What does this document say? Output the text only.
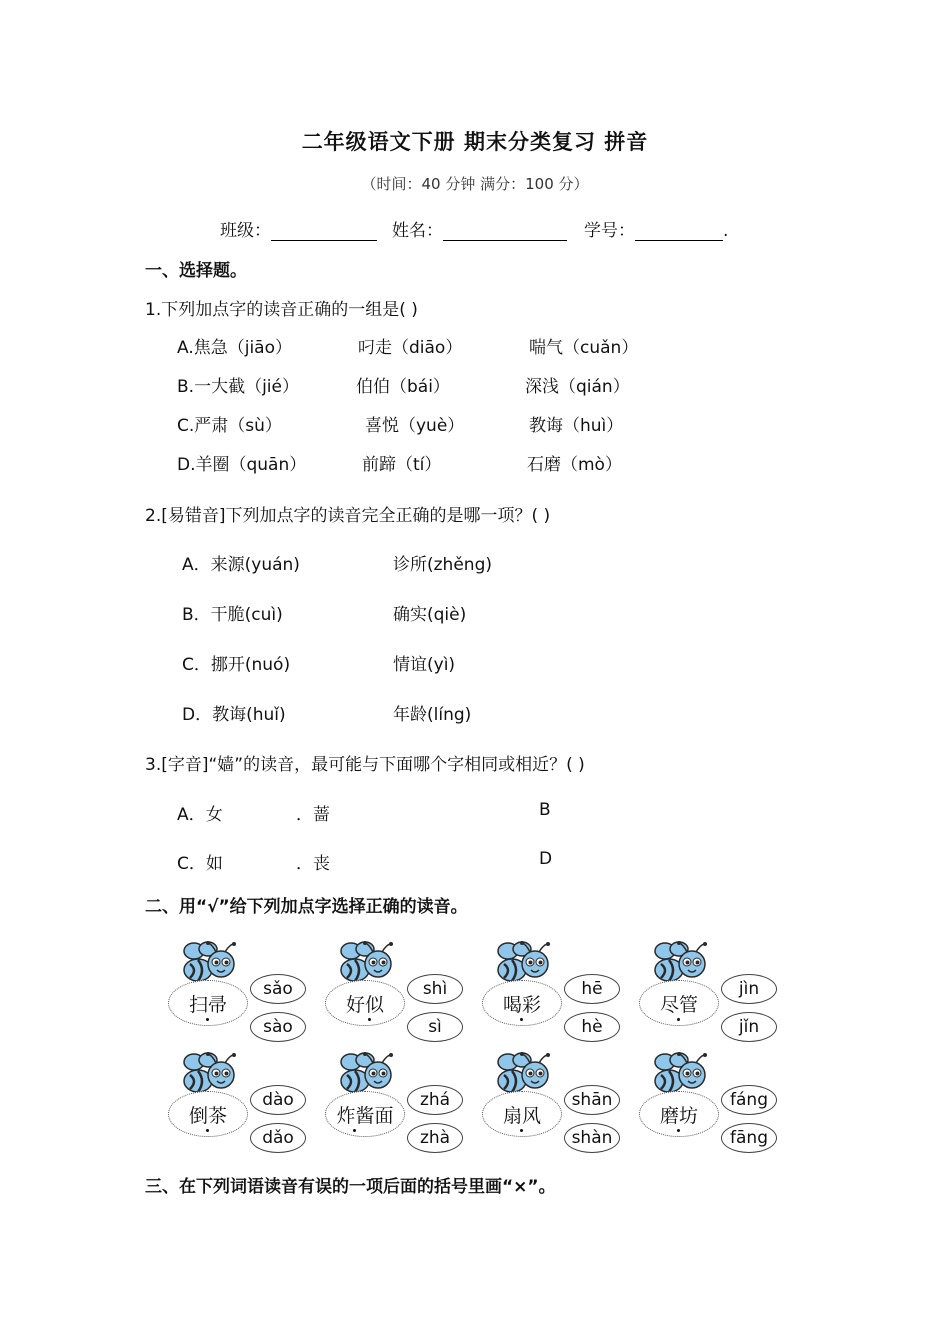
二年级语文下册 期末分类复习 拼音
（时间：40 分钟 满分：100 分）
班级：	姓名：	学号：	.
一、选择题。
1.下列加点字的读音正确的一组是( )
A.焦急（jiāo）	叼走（diāo）	喘气（cuǎn）
B.一大截（jié）	伯伯（bái）	深浅（qián）
C.严肃（sù）	喜悦（yuè）	教诲（huì）
D.羊圈（quān）	前蹄（tí）	石磨（mò）
2.[易错音]下列加点字的读音完全正确的是哪一项？( )
A．来源(yuán)	诊所(zhěng)
B．干脆(cuì)	确实(qiè)
C．挪开(nuó)	情谊(yì)
D．教诲(huǐ)	年龄(líng)
3.[字音]“嫱”的读音，最可能与下面哪个字相同或相近？( )
A．女	．蔷	B
C．如	．丧	D
二、用“√”给下列加点字选择正确的读音。
扫帚
sǎo
sào
好似
shì
sì
喝彩
hē
hè
尽管
jìn
jǐn
倒茶
dào
dǎo
炸酱面
zhá
zhà
扇风
shān
shàn
磨坊
fáng
fāng
三、在下列词语读音有误的一项后面的括号里画“×”。
